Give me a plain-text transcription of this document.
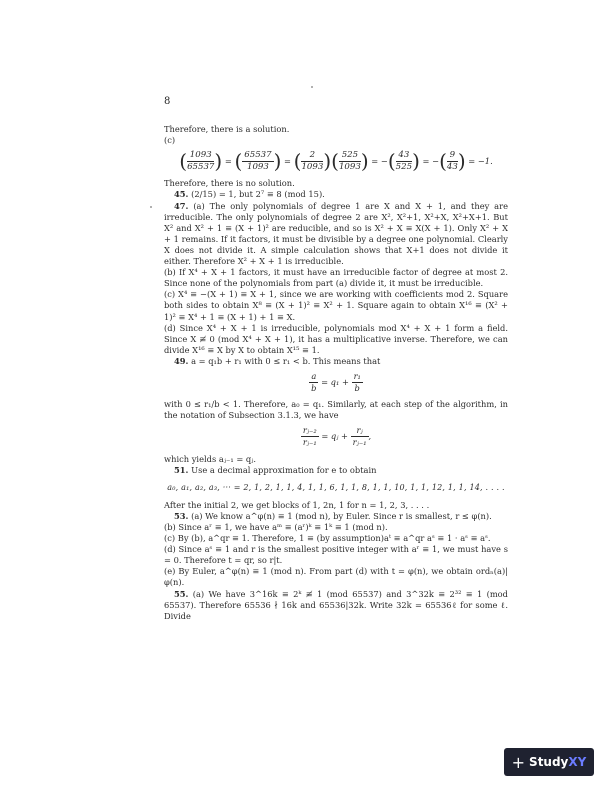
8

Therefore, there is a solution.

(c)

( $\frac{1093}{65537}$ ) = ( $\frac{65537}{1093}$ ) = ( $\frac{2}{1093}$ )( $\frac{525}{1093}$ ) = −( $\frac{43}{525}$ ) = −( $\frac{9}{43}$ ) = −1.

Therefore, there is no solution.

45. (2/15) = 1, but 2⁷ ≡ 8 (mod 15).

47. (a) The only polynomials of degree 1 are X and X + 1, and they are irreducible. The only polynomials of degree 2 are X², X²+1, X²+X, X²+X+1. But X² and X² + 1 ≡ (X + 1)² are reducible, and so is X² + X ≡ X(X + 1). Only X² + X + 1 remains. If it factors, it must be divisible by a degree one polynomial. Clearly X does not divide it. A simple calculation shows that X+1 does not divide it either. Therefore X² + X + 1 is irreducible.

(b) If X⁴ + X + 1 factors, it must have an irreducible factor of degree at most 2. Since none of the polynomials from part (a) divide it, it must be irreducible.

(c) X⁴ ≡ −(X + 1) ≡ X + 1, since we are working with coefficients mod 2. Square both sides to obtain X⁸ ≡ (X + 1)² ≡ X² + 1. Square again to obtain X¹⁶ ≡ (X² + 1)² ≡ X⁴ + 1 ≡ (X + 1) + 1 ≡ X.

(d) Since X⁴ + X + 1 is irreducible, polynomials mod X⁴ + X + 1 form a field. Since X ≢ 0 (mod X⁴ + X + 1), it has a multiplicative inverse. Therefore, we can divide X¹⁶ ≡ X by X to obtain X¹⁵ ≡ 1.

49. a = q₁b + r₁ with 0 ≤ r₁ < b. This means that

$\frac{a}{b} = q_1 + \frac{\text{r₁}}{b}$

with 0 ≤ r₁/b < 1. Therefore, a₀ = q₁. Similarly, at each step of the algorithm, in the notation of Subsection 3.1.3, we have

$\frac{\text{rⱼ₋₂}}{\text{rⱼ₋₁}}$ = qⱼ + $\frac{\text{rⱼ}}{\text{rⱼ₋₁}}$ ,

which yields aⱼ₋₁ = qⱼ.

51. Use a decimal approximation for e to obtain

a₀, a₁, a₂, a₃, ··· = 2, 1, 2, 1, 1, 4, 1, 1, 6, 1, 1, 8, 1, 1, 10, 1, 1, 12, 1, 1, 14, . . . .

After the initial 2, we get blocks of 1, 2n, 1 for n = 1, 2, 3, . . . .

53. (a) We know a^φ(n) ≡ 1 (mod n), by Euler. Since r is smallest, r ≤ φ(n).

(b) Since aʳ ≡ 1, we have aᵐ ≡ (aʳ)ᵏ ≡ 1ᵏ ≡ 1 (mod n).

(c) By (b), a^qr ≡ 1. Therefore, 1 ≡ (by assumption)aᵗ ≡ a^qr aˢ ≡ 1 · aˢ ≡ aˢ.

(d) Since aˢ ≡ 1 and r is the smallest positive integer with aʳ ≡ 1, we must have s = 0. Therefore t = qr, so r|t.

(e) By Euler, a^φ(n) ≡ 1 (mod n). From part (d) with t = φ(n), we obtain ordₙ(a)|φ(n).

55. (a) We have 3^16k ≡ 2ᵏ ≢ 1 (mod 65537) and 3^32k ≡ 2³² ≡ 1 (mod 65537). Therefore 65536 ∤ 16k and 65536|32k. Write 32k = 65536ℓ for some ℓ. Divide

+ StudyXY
